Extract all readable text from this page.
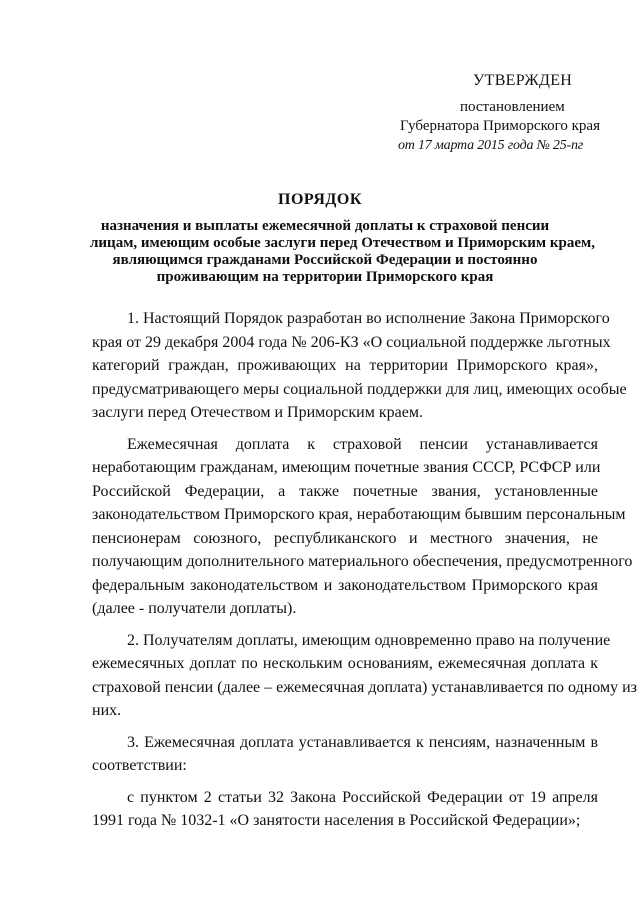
УТВЕРЖДЕН
постановлением
Губернатора Приморского края
от 17 марта 2015 года № 25-пг
ПОРЯДОК
назначения и выплаты ежемесячной доплаты к страховой пенсии
лицам, имеющим особые заслуги перед Отечеством и Приморским краем,
являющимся гражданами Российской Федерации и постоянно
проживающим на территории Приморского края
1. Настоящий Порядок разработан во исполнение Закона Приморского
края от 29 декабря 2004 года № 206-КЗ «О социальной поддержке льготных
категорий граждан, проживающих на территории Приморского края»,
предусматривающего меры социальной поддержки для лиц, имеющих особые
заслуги перед Отечеством и Приморским краем.
Ежемесячная доплата к страховой пенсии устанавливается
неработающим гражданам, имеющим почетные звания СССР, РСФСР или
Российской Федерации, а также почетные звания, установленные
законодательством Приморского края, неработающим бывшим персональным
пенсионерам союзного, республиканского и местного значения, не
получающим дополнительного материального обеспечения, предусмотренного
федеральным законодательством и законодательством Приморского края
(далее - получатели доплаты).
2. Получателям доплаты, имеющим одновременно право на получение
ежемесячных доплат по нескольким основаниям, ежемесячная доплата к
страховой пенсии (далее – ежемесячная доплата) устанавливается по одному из
них.
3. Ежемесячная доплата устанавливается к пенсиям, назначенным в
соответствии:
с пунктом 2 статьи 32 Закона Российской Федерации от 19 апреля
1991 года № 1032-1 «О занятости населения в Российской Федерации»;
